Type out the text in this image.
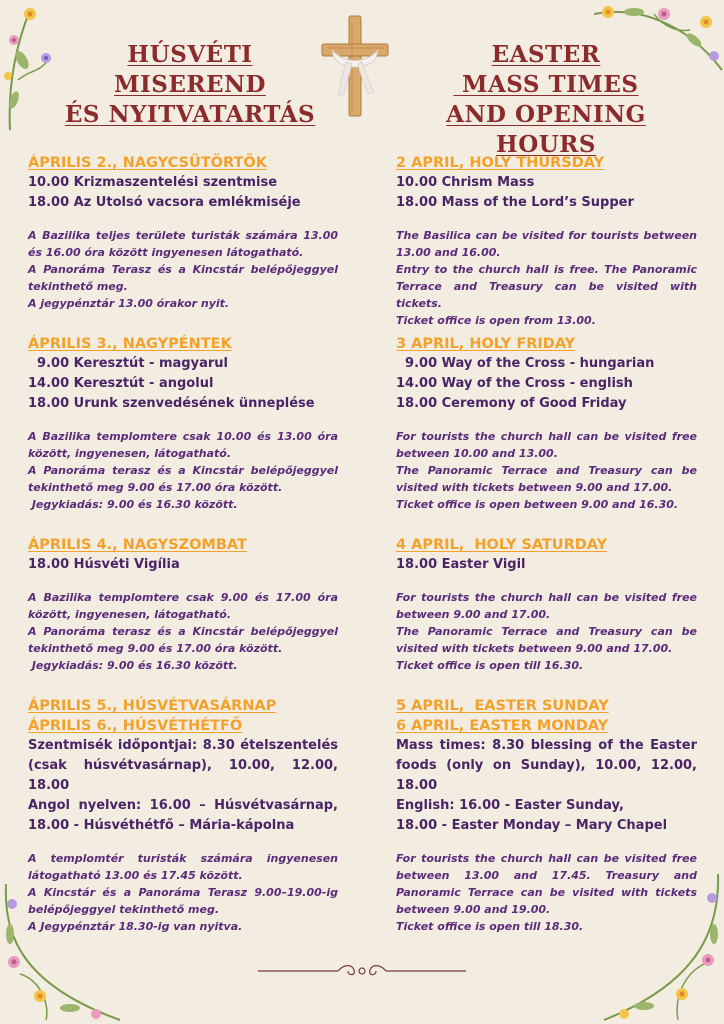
HÚSVÉTI
MISEREND
ÉS NYITVATARTÁS
EASTER
MASS TIMES
AND OPENING HOURS
ÁPRILIS 2., NAGYCSÜTÖRTÖK
10.00 Krizmaszentelési szentmise
18.00 Az Utolsó vacsora emlékmiséje
A Bazilika teljes területe turisták számára 13.00 és 16.00 óra között ingyenesen látogatható.
A Panoráma Terasz és a Kincstár belépőjeggyel tekinthető meg.
A jegypénztár 13.00 órakor nyit.
ÁPRILIS 3., NAGYPÉNTEK
9.00 Keresztút - magyarul
14.00 Keresztút - angolul
18.00 Urunk szenvedésének ünneplése
A Bazilika templomtere csak 10.00 és 13.00 óra között, ingyenesen, látogatható.
A Panoráma terasz és a Kincstár belépőjeggyel tekinthető meg 9.00 és 17.00 óra között.
Jegykiadás: 9.00 és 16.30 között.
ÁPRILIS 4., NAGYSZOMBAT
18.00 Húsvéti Vigília
A Bazilika templomtere csak 9.00 és 17.00 óra között, ingyenesen, látogatható.
A Panoráma terasz és a Kincstár belépőjeggyel tekinthető meg 9.00 és 17.00 óra között.
Jegykiadás: 9.00 és 16.30 között.
ÁPRILIS 5., HÚSVÉTVASÁRNAP
ÁPRILIS 6., HÚSVÉTHÉTFŐ
Szentmisék időpontjai: 8.30 ételszentelés (csak húsvétvasárnap), 10.00, 12.00, 18.00
Angol nyelven: 16.00 – Húsvétvasárnap, 18.00 - Húsvéthétfő – Mária-kápolna
A templomtér turisták számára ingyenesen látogatható 13.00 és 17.45 között.
A Kincstár és a Panoráma Terasz 9.00–19.00-ig belépőjeggyel tekinthető meg.
A Jegypénztár 18.30-ig van nyitva.
2 APRIL, HOLY THURSDAY
10.00 Chrism Mass
18.00 Mass of the Lord’s Supper
The Basilica can be visited for tourists between 13.00 and 16.00.
Entry to the church hall is free. The Panoramic Terrace and Treasury can be visited with tickets.
Ticket office is open from 13.00.
3 APRIL, HOLY FRIDAY
9.00 Way of the Cross - hungarian
14.00 Way of the Cross - english
18.00 Ceremony of Good Friday
For tourists the church hall can be visited free between 10.00 and 13.00.
The Panoramic Terrace and Treasury can be visited with tickets between 9.00 and 17.00.
Ticket office is open between 9.00 and 16.30.
4 APRIL,  HOLY SATURDAY
18.00 Easter Vigil
For tourists the church hall can be visited free between 9.00 and 17.00.
The Panoramic Terrace and Treasury can be visited with tickets between 9.00 and 17.00.
Ticket office is open till 16.30.
5 APRIL,  EASTER SUNDAY
6 APRIL, EASTER MONDAY
Mass times: 8.30 blessing of the Easter foods (only on Sunday), 10.00, 12.00, 18.00
English: 16.00 - Easter Sunday,
18.00 - Easter Monday – Mary Chapel
For tourists the church hall can be visited free between 13.00 and 17.45. Treasury and Panoramic Terrace can be visited with tickets between 9.00 and 19.00.
Ticket office is open till 18.30.
